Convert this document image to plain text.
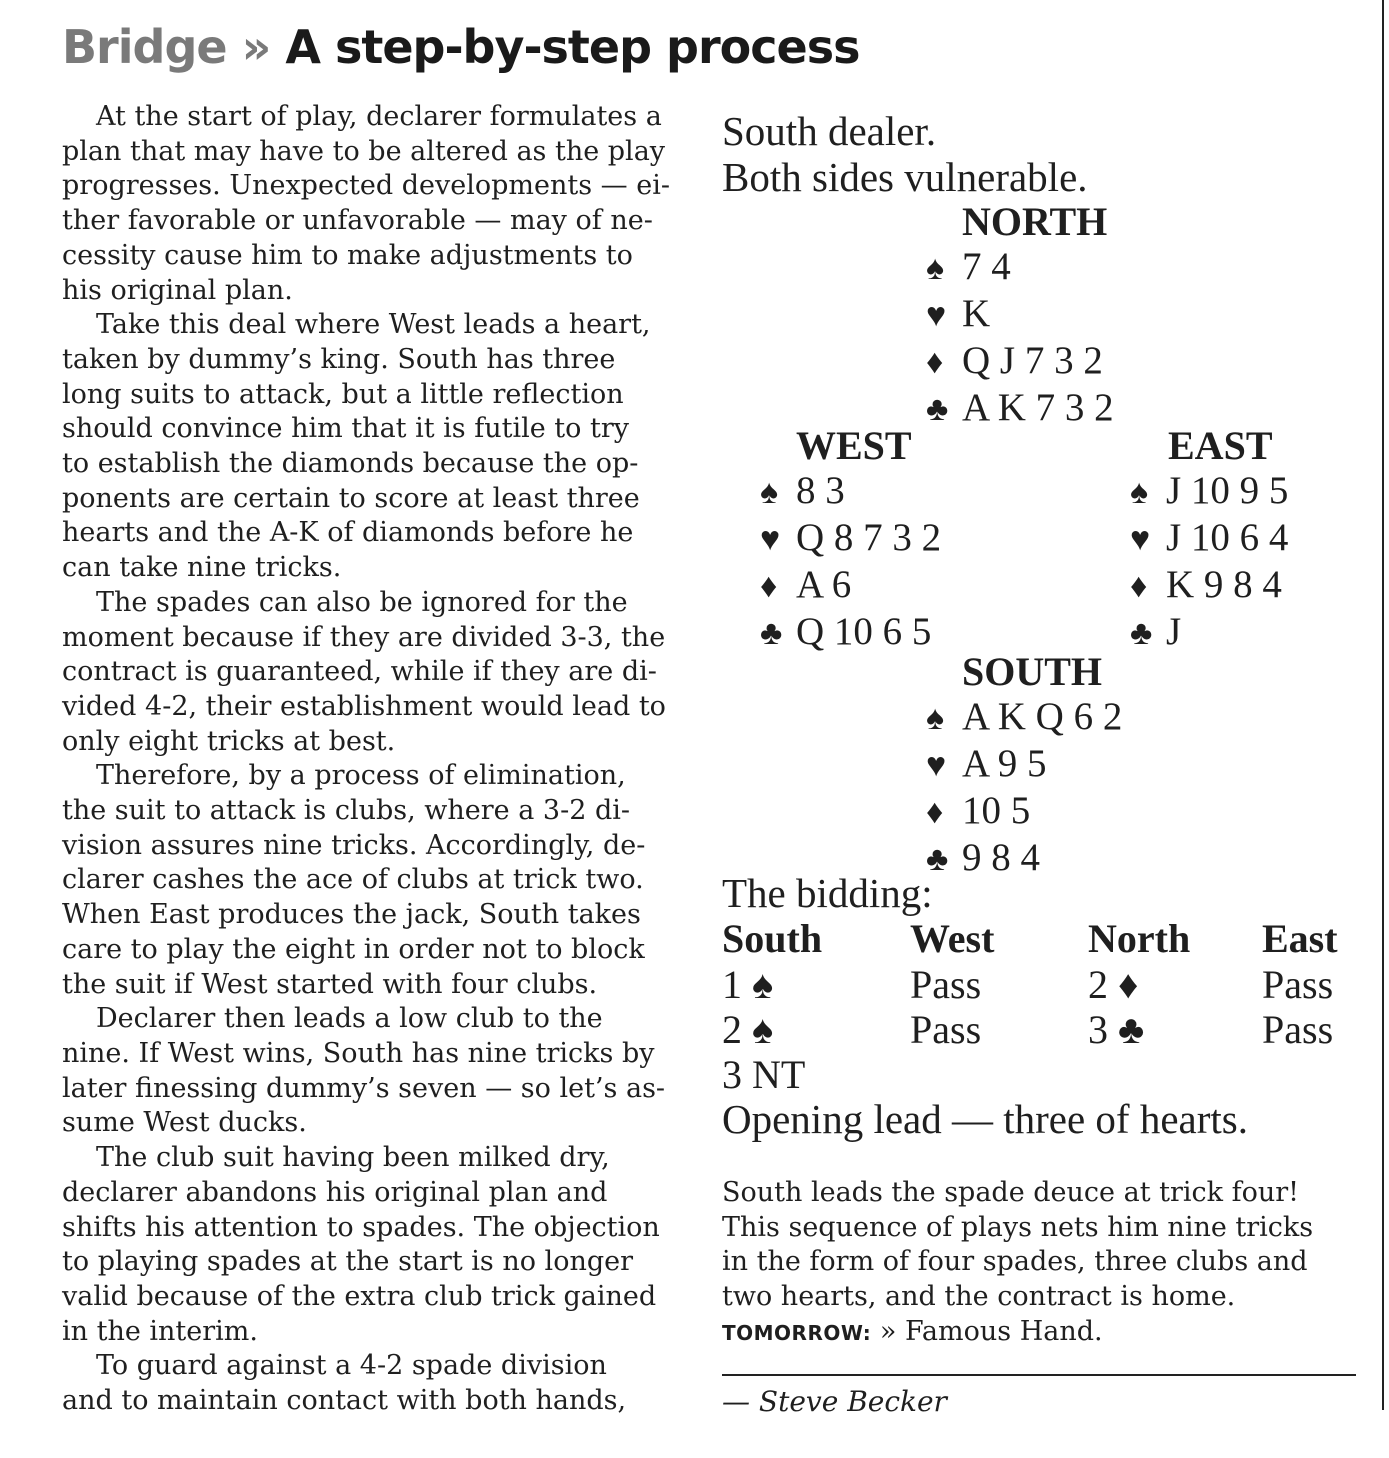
Bridge » A step-by-step process
At the start of play, declarer formulates a
plan that may have to be altered as the play
progresses. Unexpected developments — ei-
ther favorable or unfavorable — may of ne-
cessity cause him to make adjustments to
his original plan.
Take this deal where West leads a heart,
taken by dummy’s king. South has three
long suits to attack, but a little reflection
should convince him that it is futile to try
to establish the diamonds because the op-
ponents are certain to score at least three
hearts and the A-K of diamonds before he
can take nine tricks.
The spades can also be ignored for the
moment because if they are divided 3-3, the
contract is guaranteed, while if they are di-
vided 4-2, their establishment would lead to
only eight tricks at best.
Therefore, by a process of elimination,
the suit to attack is clubs, where a 3-2 di-
vision assures nine tricks. Accordingly, de-
clarer cashes the ace of clubs at trick two.
When East produces the jack, South takes
care to play the eight in order not to block
the suit if West started with four clubs.
Declarer then leads a low club to the
nine. If West wins, South has nine tricks by
later finessing dummy’s seven — so let’s as-
sume West ducks.
The club suit having been milked dry,
declarer abandons his original plan and
shifts his attention to spades. The objection
to playing spades at the start is no longer
valid because of the extra club trick gained
in the interim.
To guard against a 4-2 spade division
and to maintain contact with both hands,

South dealer.

Both sides vulnerable.

NORTH
♠ 7 4
♥ K
♦ Q J 7 3 2
♣ A K 7 3 2
WEST
♠ 8 3
♥ Q 8 7 3 2
♦ A 6
♣ Q 10 6 5
EAST
♠ J 10 9 5
♥ J 10 6 4
♦ K 9 8 4
♣ J
SOUTH
♠ A K Q 6 2
♥ A 9 5
♦ 10 5
♣ 9 8 4
The bidding:
South	West	North	East
1 ♠	Pass	2 ♦	Pass
2 ♠	Pass	3 ♣	Pass
3 NT			
Opening lead — three of hearts.
South leads the spade deuce at trick four!
This sequence of plays nets him nine tricks
in the form of four spades, three clubs and
two hearts, and the contract is home.
TOMORROW: » Famous Hand.
— Steve Becker
